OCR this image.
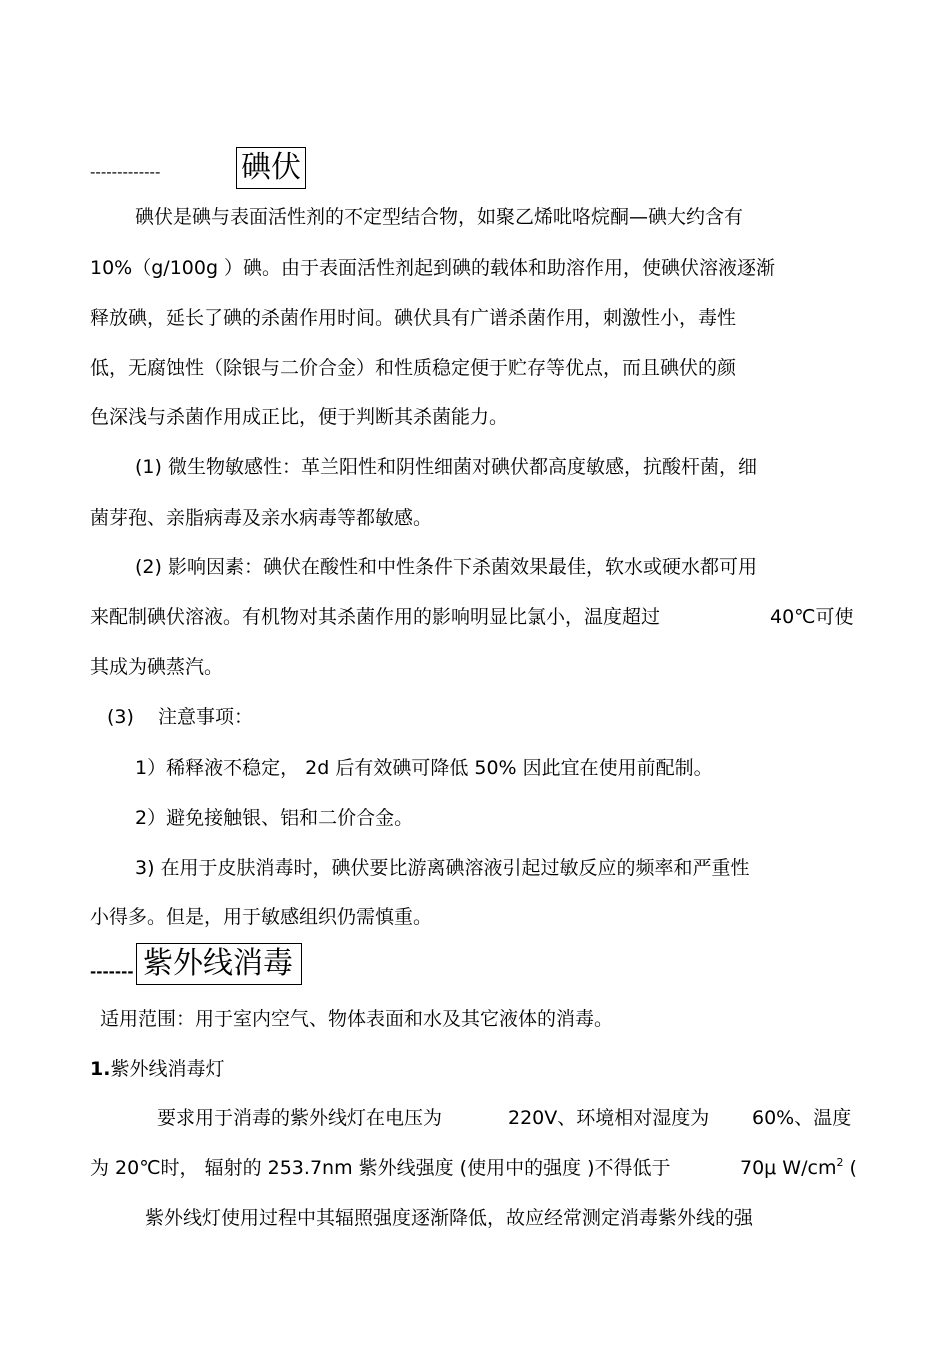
-------------	碘伏
碘伏是碘与表面活性剂的不定型结合物，如聚乙烯吡咯烷酮—碘大约含有
10%（g/100g ）碘。由于表面活性剂起到碘的载体和助溶作用，使碘伏溶液逐渐
释放碘，延长了碘的杀菌作用时间。碘伏具有广谱杀菌作用，刺激性小，毒性
低，无腐蚀性（除银与二价合金）和性质稳定便于贮存等优点，而且碘伏的颜
色深浅与杀菌作用成正比，便于判断其杀菌能力。
(1) 微生物敏感性：革兰阳性和阴性细菌对碘伏都高度敏感，抗酸杆菌，细
菌芽孢、亲脂病毒及亲水病毒等都敏感。
(2) 影响因素：碘伏在酸性和中性条件下杀菌效果最佳，软水或硬水都可用
来配制碘伏溶液。有机物对其杀菌作用的影响明显比氯小，温度超过	40℃可使
其成为碘蒸汽。
(3) 注意事项：
1）稀释液不稳定， 2d 后有效碘可降低 50% 因此宜在使用前配制。
2）避免接触银、铝和二价合金。
3) 在用于皮肤消毒时，碘伏要比游离碘溶液引起过敏反应的频率和严重性
小得多。但是，用于敏感组织仍需慎重。
------- 紫外线消毒
适用范围：用于室内空气、物体表面和水及其它液体的消毒。
1.紫外线消毒灯
要求用于消毒的紫外线灯在电压为	220V、环境相对湿度为 60%、温度
为 20℃时， 辐射的 253.7nm 紫外线强度 (使用中的强度 )不得低于	70μ $W/cm^2$ (
紫外线灯使用过程中其辐照强度逐渐降低，故应经常测定消毒紫外线的强
